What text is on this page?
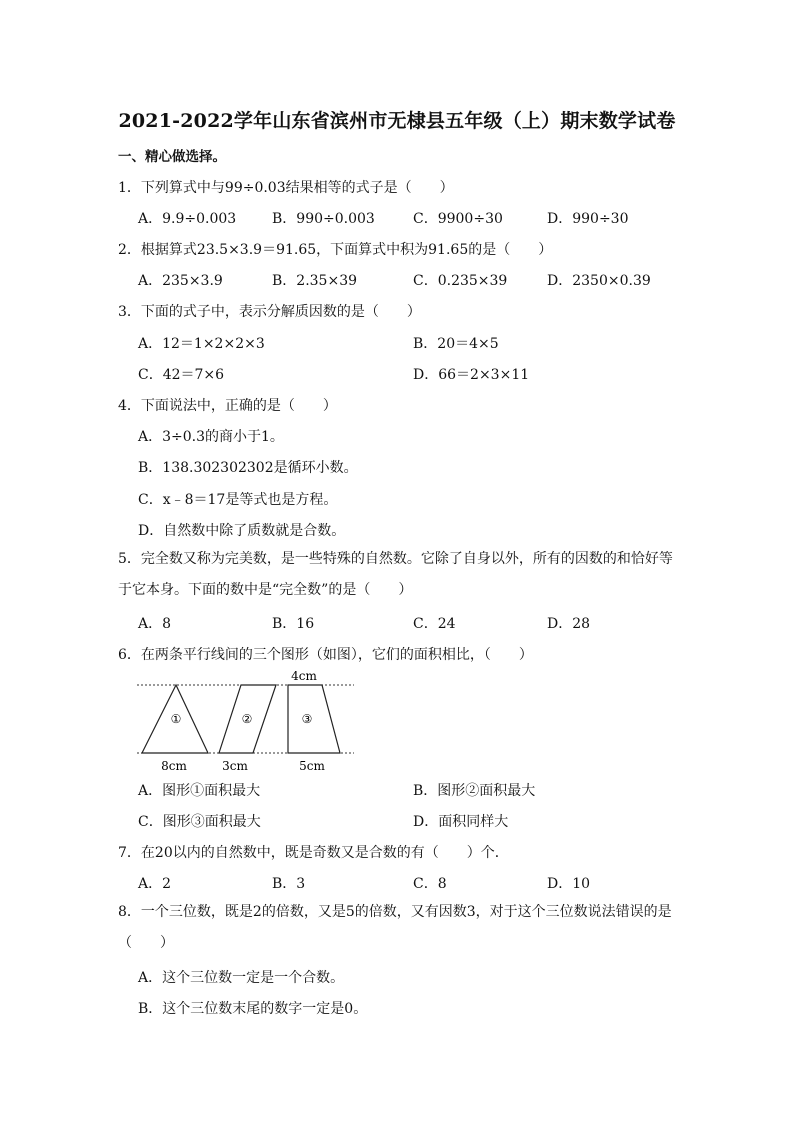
2021-2022学年山东省滨州市无棣县五年级（上）期末数学试卷
一、精心做选择。
1．下列算式中与99÷0.03结果相等的式子是（　　）
A．9.9÷0.003	B．990÷0.003	C．9900÷30	D．990÷30
2．根据算式23.5×3.9＝91.65，下面算式中积为91.65的是（　　）
A．235×3.9	B．2.35×39	C．0.235×39	D．2350×0.39
3．下面的式子中，表示分解质因数的是（　　）
A．12＝1×2×2×3	B．20＝4×5
C．42＝7×6	D．66＝2×3×11
4．下面说法中，正确的是（　　）
A．3÷0.3的商小于1。
B．138.302302302是循环小数。
C．x﹣8＝17是等式也是方程。
D．自然数中除了质数就是合数。
5．完全数又称为完美数，是一些特殊的自然数。它除了自身以外，所有的因数的和恰好等于它本身。下面的数中是“完全数”的是（　　）
A．8	B．16	C．24	D．28
6．在两条平行线间的三个图形（如图），它们的面积相比，（　　）
①	②	③
4cm
8cm	3cm	5cm
A．图形①面积最大	B．图形②面积最大
C．图形③面积最大	D．面积同样大
7．在20以内的自然数中，既是奇数又是合数的有（　　）个．
A．2	B．3	C．8	D．10
8．一个三位数，既是2的倍数，又是5的倍数，又有因数3，对于这个三位数说法错误的是（　　）
A．这个三位数一定是一个合数。
B．这个三位数末尾的数字一定是0。
